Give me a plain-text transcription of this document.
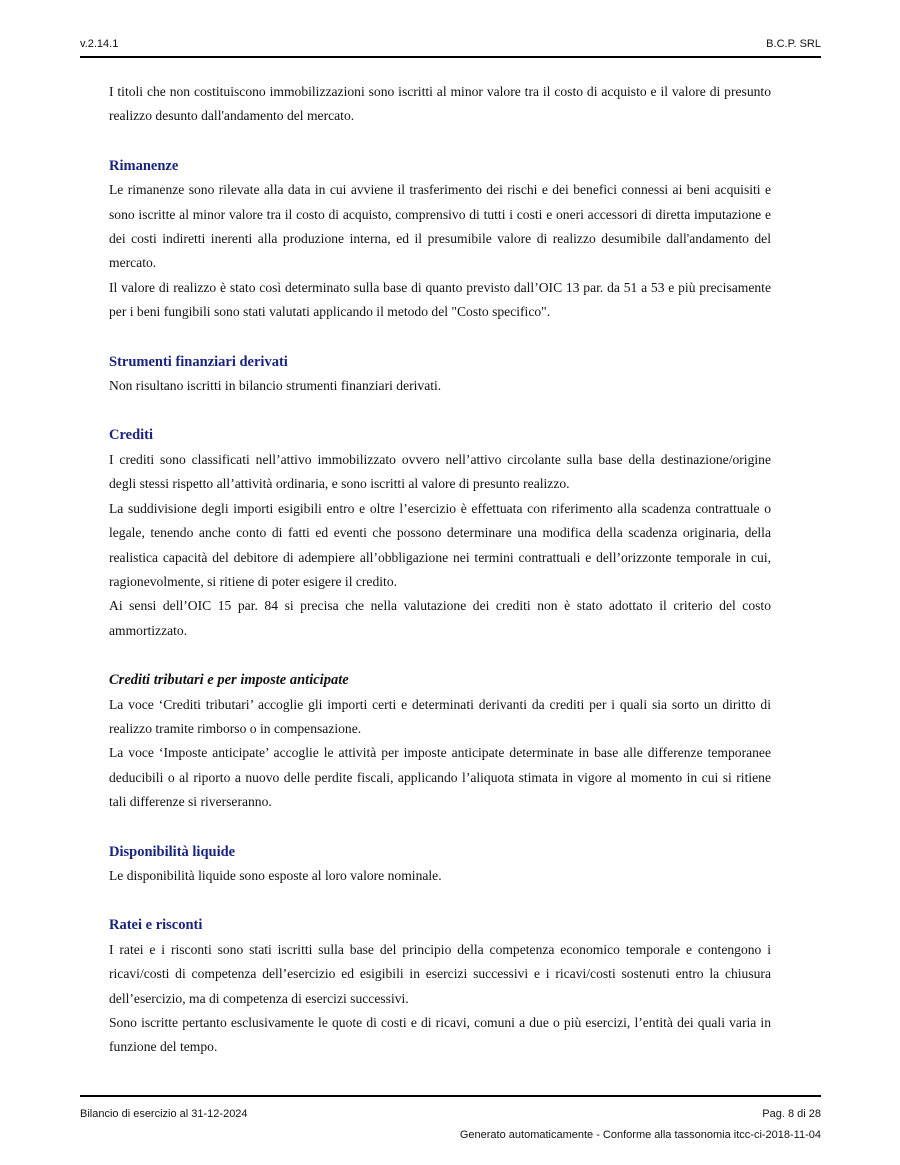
v.2.14.1	B.C.P. SRL

I titoli che non costituiscono immobilizzazioni sono iscritti al minor valore tra il costo di acquisto e il valore di presunto realizzo desunto dall'andamento del mercato.

Rimanenze

Le rimanenze sono rilevate alla data in cui avviene il trasferimento dei rischi e dei benefici connessi ai beni acquisiti e sono iscritte al minor valore tra il costo di acquisto, comprensivo di tutti i costi e oneri accessori di diretta imputazione e dei costi indiretti inerenti alla produzione interna, ed il presumibile valore di realizzo desumibile dall'andamento del mercato.

Il valore di realizzo è stato così determinato sulla base di quanto previsto dall’OIC 13 par. da 51 a 53 e più precisamente per i beni fungibili sono stati valutati applicando il metodo del "Costo specifico".

Strumenti finanziari derivati

Non risultano iscritti in bilancio strumenti finanziari derivati.

Crediti

I crediti sono classificati nell’attivo immobilizzato ovvero nell’attivo circolante sulla base della destinazione/origine degli stessi rispetto all’attività ordinaria, e sono iscritti al valore di presunto realizzo.

La suddivisione degli importi esigibili entro e oltre l’esercizio è effettuata con riferimento alla scadenza contrattuale o legale, tenendo anche conto di fatti ed eventi che possono determinare una modifica della scadenza originaria, della realistica capacità del debitore di adempiere all’obbligazione nei termini contrattuali e dell’orizzonte temporale in cui, ragionevolmente, si ritiene di poter esigere il credito.

Ai sensi dell’OIC 15 par. 84 si precisa che nella valutazione dei crediti non è stato adottato il criterio del costo ammortizzato.

Crediti tributari e per imposte anticipate

La voce ‘Crediti tributari’ accoglie gli importi certi e determinati derivanti da crediti per i quali sia sorto un diritto di realizzo tramite rimborso o in compensazione.

La voce ‘Imposte anticipate’ accoglie le attività per imposte anticipate determinate in base alle differenze temporanee deducibili o al riporto a nuovo delle perdite fiscali, applicando l’aliquota stimata in vigore al momento in cui si ritiene tali differenze si riverseranno.

Disponibilità liquide

Le disponibilità liquide sono esposte al loro valore nominale.

Ratei e risconti

I ratei e i risconti sono stati iscritti sulla base del principio della competenza economico temporale e contengono i ricavi/costi di competenza dell’esercizio ed esigibili in esercizi successivi e i ricavi/costi sostenuti entro la chiusura dell’esercizio, ma di competenza di esercizi successivi.

Sono iscritte pertanto esclusivamente le quote di costi e di ricavi, comuni a due o più esercizi, l’entità dei quali varia in funzione del tempo.

Bilancio di esercizio al 31-12-2024	Pag. 8 di 28
Generato automaticamente - Conforme alla tassonomia itcc-ci-2018-11-04
